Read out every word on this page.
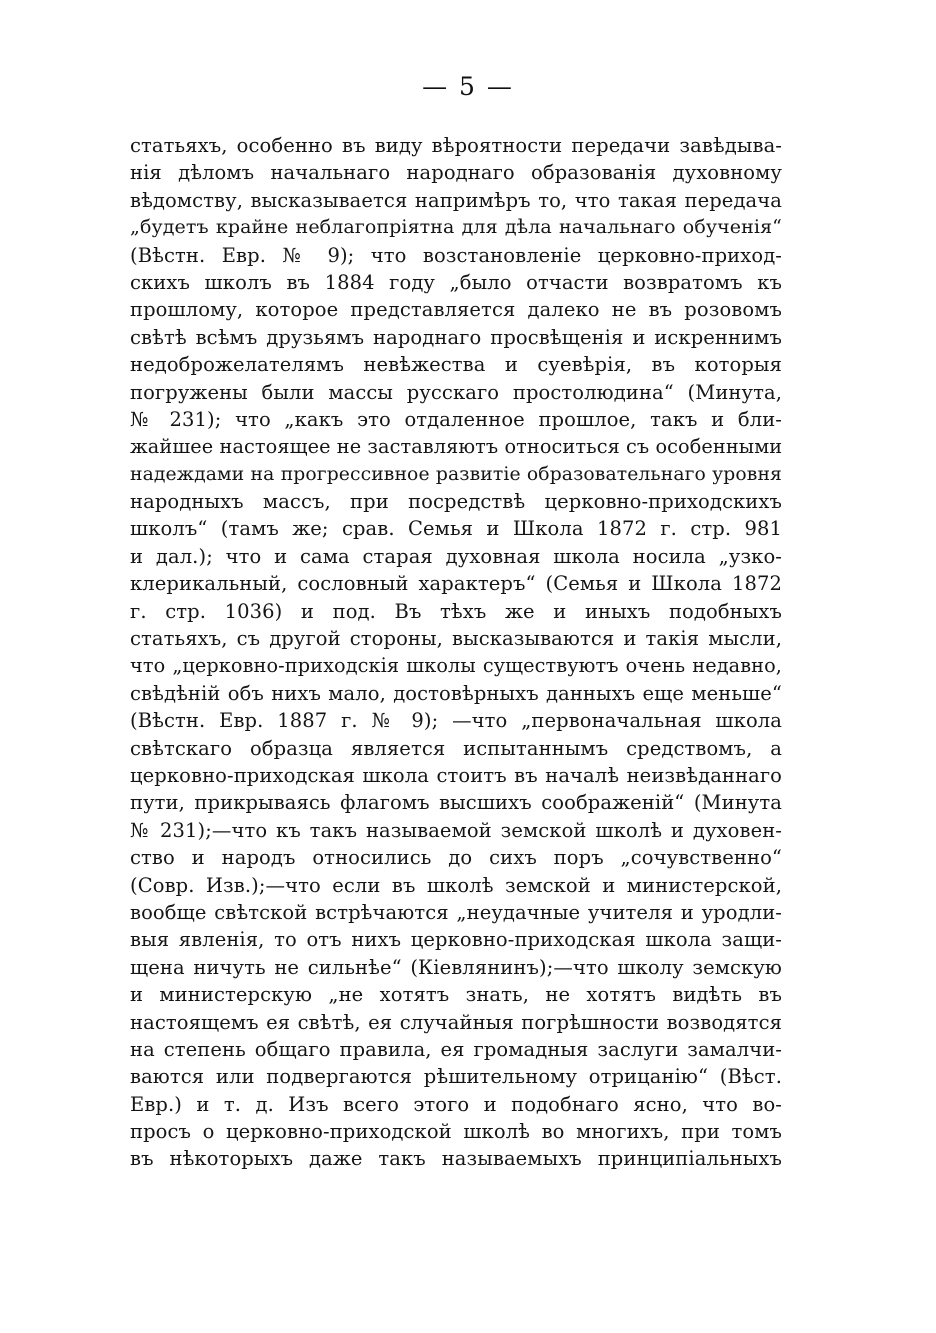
— 5 —
статьяхъ, особенно въ виду вѣроятности передачи завѣдыва-
нія дѣломъ начальнаго народнаго образованія духовному
вѣдомству, высказывается напримѣръ то, что такая передача
„будетъ крайне неблагопріятна для дѣла начальнаго обученія“
(Вѣстн. Евр. № 9); что возстановленіе церковно-приход-
скихъ школъ въ 1884 году „было отчасти возвратомъ къ
прошлому, которое представляется далеко не въ розовомъ
свѣтѣ всѣмъ друзьямъ народнаго просвѣщенія и искреннимъ
недоброжелателямъ невѣжества и суевѣрія, въ которыя
погружены были массы русскаго простолюдина“ (Минута,
№ 231); что „какъ это отдаленное прошлое, такъ и бли-
жайшее настоящее не заставляютъ относиться съ особенными
надеждами на прогрессивное развитіе образовательнаго уровня
народныхъ массъ, при посредствѣ церковно-приходскихъ
школъ“ (тамъ же; срав. Семья и Школа 1872 г. стр. 981
и дал.); что и сама старая духовная школа носила „узко-
клерикальный, сословный характеръ“ (Семья и Школа 1872
г. стр. 1036) и под. Въ тѣхъ же и иныхъ подобныхъ
статьяхъ, съ другой стороны, высказываются и такія мысли,
что „церковно-приходскія школы существуютъ очень недавно,
свѣдѣній объ нихъ мало, достовѣрныхъ данныхъ еще меньше“
(Вѣстн. Евр. 1887 г. № 9); —что „первоначальная школа
свѣтскаго образца является испытаннымъ средствомъ, а
церковно-приходская школа стоитъ въ началѣ неизвѣданнаго
пути, прикрываясь флагомъ высшихъ соображеній“ (Минута
№ 231);—что къ такъ называемой земской школѣ и духовен-
ство и народъ относились до сихъ поръ „сочувственно“
(Совр. Изв.);—что если въ школѣ земской и министерской,
вообще свѣтской встрѣчаются „неудачные учителя и уродли-
выя явленія, то отъ нихъ церковно-приходская школа защи-
щена ничуть не сильнѣе“ (Кіевлянинъ);—что школу земскую
и министерскую „не хотятъ знать, не хотятъ видѣть въ
настоящемъ ея свѣтѣ, ея случайныя погрѣшности возводятся
на степень общаго правила, ея громадныя заслуги замалчи-
ваются или подвергаются рѣшительному отрицанію“ (Вѣст.
Евр.) и т. д. Изъ всего этого и подобнаго ясно, что во-
просъ о церковно-приходской школѣ во многихъ, при томъ
въ нѣкоторыхъ даже такъ называемыхъ принципіальныхъ
